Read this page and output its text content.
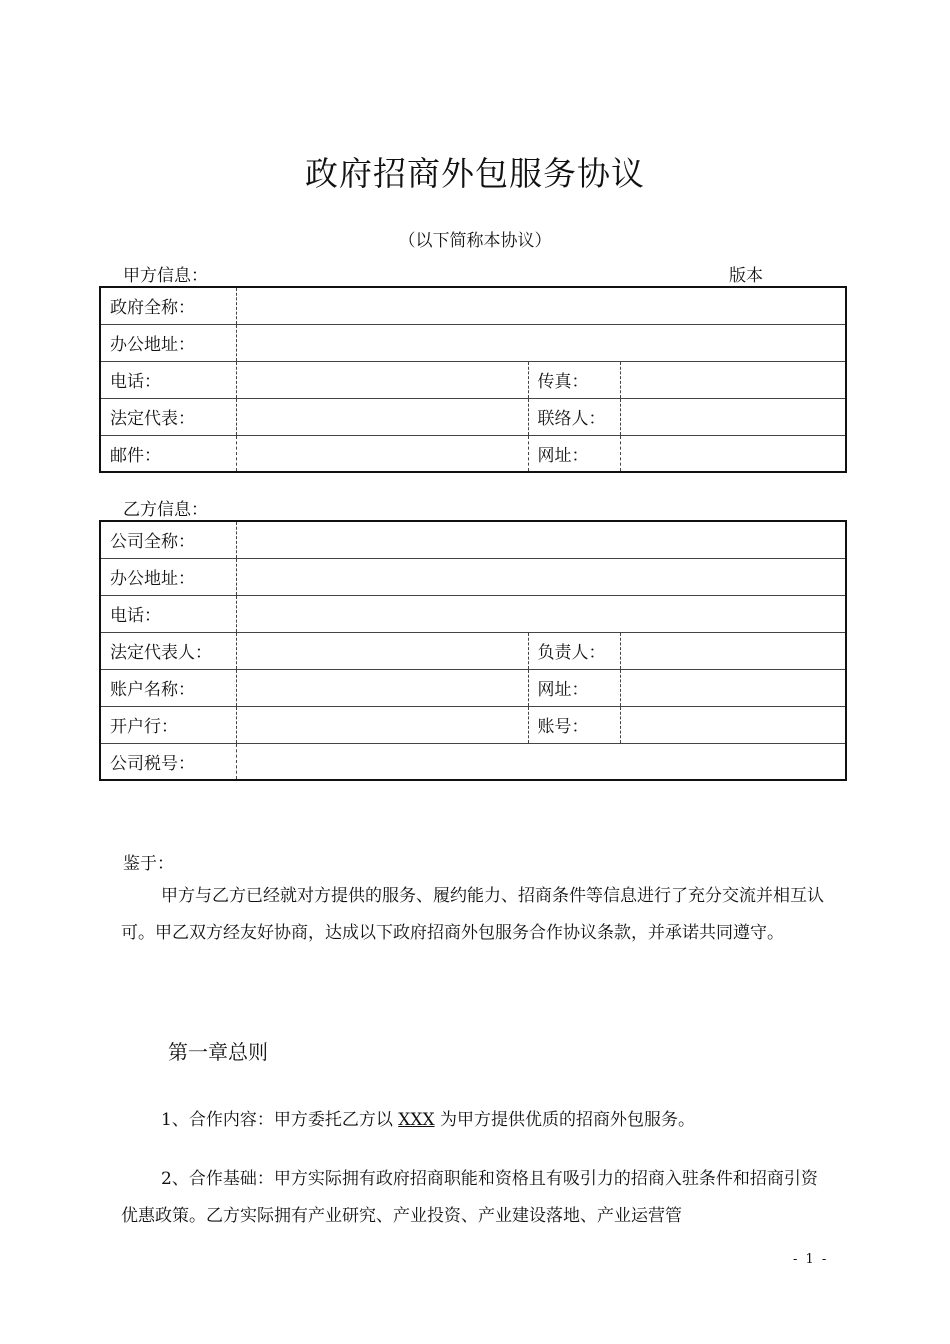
政府招商外包服务协议
（以下简称本协议）
甲方信息：	版本
政府全称：			
办公地址：			
电话：		传真：	
法定代表：		联络人：	
邮件：		网址：	
乙方信息：
公司全称：			
办公地址：			
电话：			
法定代表人：		负责人：	
账户名称：		网址：	
开户行：		账号：	
公司税号：			
鉴于：
甲方与乙方已经就对方提供的服务、履约能力、招商条件等信息进行了充分交流并相互认可。甲乙双方经友好协商，达成以下政府招商外包服务合作协议条款，并承诺共同遵守。
第一章总则
1、合作内容：甲方委托乙方以 XXX 为甲方提供优质的招商外包服务。
2、合作基础：甲方实际拥有政府招商职能和资格且有吸引力的招商入驻条件和招商引资优惠政策。乙方实际拥有产业研究、产业投资、产业建设落地、产业运营管
- 1 -
